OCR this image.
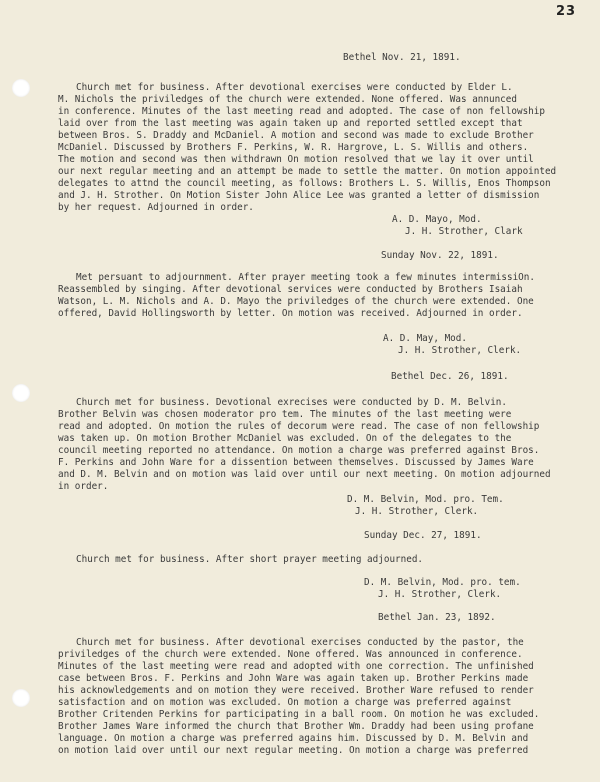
23
Bethel Nov. 21, 1891.
Church met for business. After devotional exercises were conducted by Elder L.
M. Nichols the priviledges of the church were extended. None offered. Was annunced
in conference. Minutes of the last meeting read and adopted. The case of non fellowship
laid over from the last meeting was again taken up and reported settled except that
between Bros. S. Draddy and McDaniel. A motion and second was made to exclude Brother
McDaniel. Discussed by Brothers F. Perkins, W. R. Hargrove, L. S. Willis and others.
The motion and second was then withdrawn On motion resolved that we lay it over until
our next regular meeting and an attempt be made to settle the matter. On motion appointed
delegates to attnd the council meeting, as follows: Brothers L. S. Willis, Enos Thompson
and J. H. Strother. On Motion Sister John Alice Lee was granted a letter of dismission
by her request. Adjourned in order.
A. D. Mayo, Mod.
J. H. Strother, Clark
Sunday Nov. 22, 1891.
Met persuant to adjournment. After prayer meeting took a few minutes intermissiOn.
Reassembled by singing. After devotional services were conducted by Brothers Isaiah
Watson, L. M. Nichols and A. D. Mayo the priviledges of the church were extended. One
offered, David Hollingsworth by letter. On motion was received. Adjourned in order.
A. D. May, Mod.
J. H. Strother, Clerk.
Bethel Dec. 26, 1891.
Church met for business. Devotional exrecises were conducted by D. M. Belvin.
Brother Belvin was chosen moderator pro tem. The minutes of the last meeting were
read and adopted. On motion the rules of decorum were read. The case of non fellowship
was taken up. On motion Brother McDaniel was excluded. On of the delegates to the
council meeting reported no attendance. On motion a charge was preferred against Bros.
F. Perkins and John Ware for a dissention between themselves. Discussed by James Ware
and D. M. Belvin and on motion was laid over until our next meeting. On motion adjourned
in order.
D. M. Belvin, Mod. pro. Tem.
J. H. Strother, Clerk.
Sunday Dec. 27, 1891.
Church met for business. After short prayer meeting adjourned.
D. M. Belvin, Mod. pro. tem.
J. H. Strother, Clerk.
Bethel Jan. 23, 1892.
Church met for business. After devotional exercises conducted by the pastor, the
priviledges of the church were extended. None offered. Was announced in conference.
Minutes of the last meeting were read and adopted with one correction. The unfinished
case between Bros. F. Perkins and John Ware was again taken up. Brother Perkins made
his acknowledgements and on motion they were received. Brother Ware refused to render
satisfaction and on motion was excluded. On motion a charge was preferred against
Brother Critenden Perkins for participating in a ball room. On motion he was excluded.
Brother James Ware informed the church that Brother Wm. Draddy had been using profane
language. On motion a charge was preferred agains him. Discussed by D. M. Belvin and
on motion laid over until our next regular meeting. On motion a charge was preferred
